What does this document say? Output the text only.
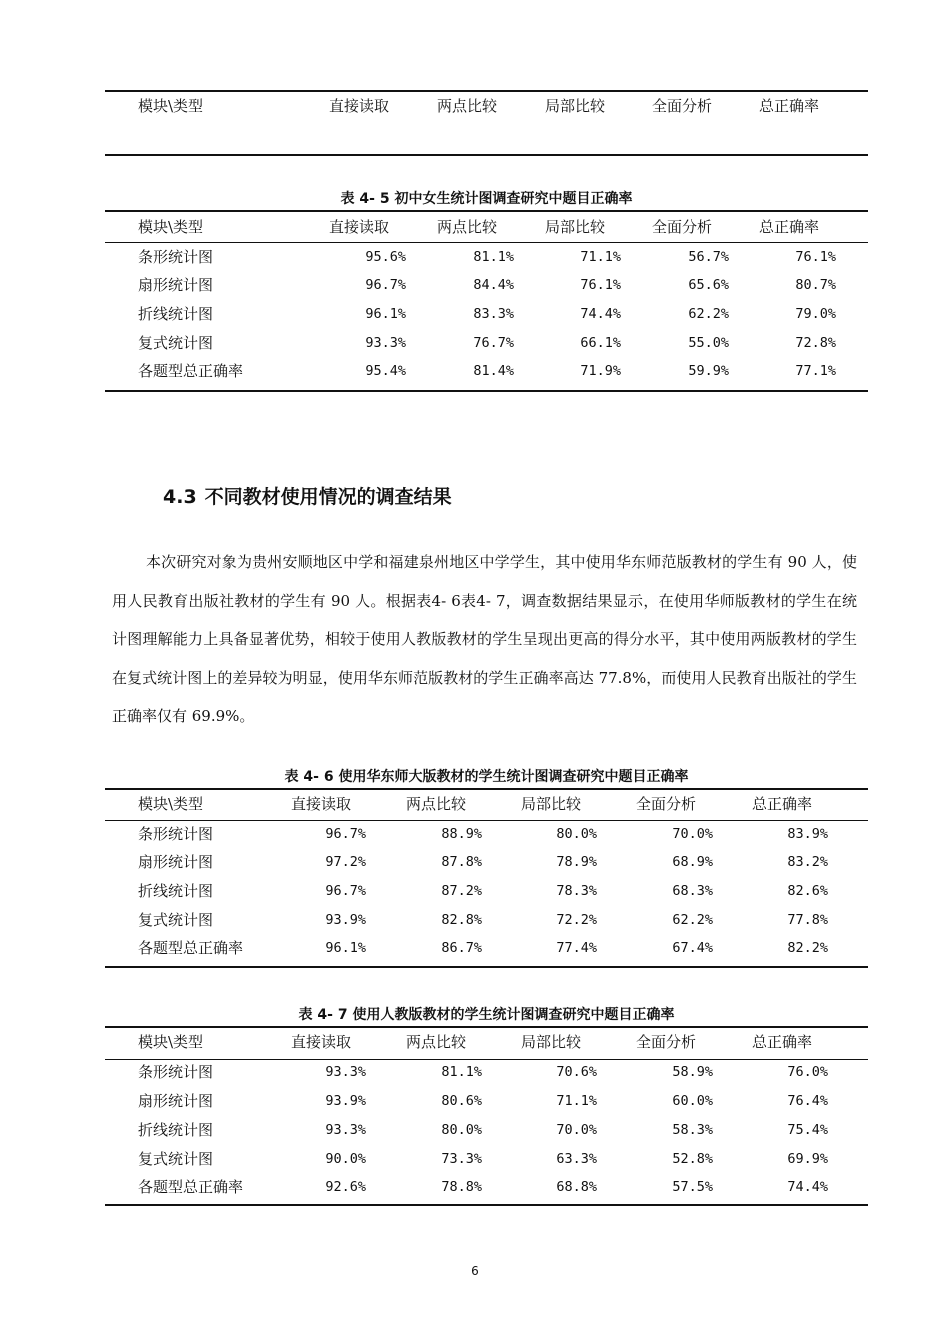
模块\类型	直接读取	两点比较	局部比较	全面分析	总正确率
表 4- 5 初中女生统计图调查研究中题目正确率
模块\类型	直接读取	两点比较	局部比较	全面分析	总正确率
条形统计图	95.6%	81.1%	71.1%	56.7%	76.1%
扇形统计图	96.7%	84.4%	76.1%	65.6%	80.7%
折线统计图	96.1%	83.3%	74.4%	62.2%	79.0%
复式统计图	93.3%	76.7%	66.1%	55.0%	72.8%
各题型总正确率	95.4%	81.4%	71.9%	59.9%	77.1%
4.3 不同教材使用情况的调查结果

本次研究对象为贵州安顺地区中学和福建泉州地区中学学生，其中使用华东师范版教材的学生有 90 人，使用人民教育出版社教材的学生有 90 人。根据表4- 6表4- 7，调查数据结果显示，在使用华师版教材的学生在统计图理解能力上具备显著优势，相较于使用人教版教材的学生呈现出更高的得分水平，其中使用两版教材的学生在复式统计图上的差异较为明显，使用华东师范版教材的学生正确率高达 77.8%，而使用人民教育出版社的学生正确率仅有 69.9%。

表 4- 6 使用华东师大版教材的学生统计图调查研究中题目正确率
模块\类型	直接读取	两点比较	局部比较	全面分析	总正确率
条形统计图	96.7%	88.9%	80.0%	70.0%	83.9%
扇形统计图	97.2%	87.8%	78.9%	68.9%	83.2%
折线统计图	96.7%	87.2%	78.3%	68.3%	82.6%
复式统计图	93.9%	82.8%	72.2%	62.2%	77.8%
各题型总正确率	96.1%	86.7%	77.4%	67.4%	82.2%
表 4- 7 使用人教版教材的学生统计图调查研究中题目正确率
模块\类型	直接读取	两点比较	局部比较	全面分析	总正确率
条形统计图	93.3%	81.1%	70.6%	58.9%	76.0%
扇形统计图	93.9%	80.6%	71.1%	60.0%	76.4%
折线统计图	93.3%	80.0%	70.0%	58.3%	75.4%
复式统计图	90.0%	73.3%	63.3%	52.8%	69.9%
各题型总正确率	92.6%	78.8%	68.8%	57.5%	74.4%
6
